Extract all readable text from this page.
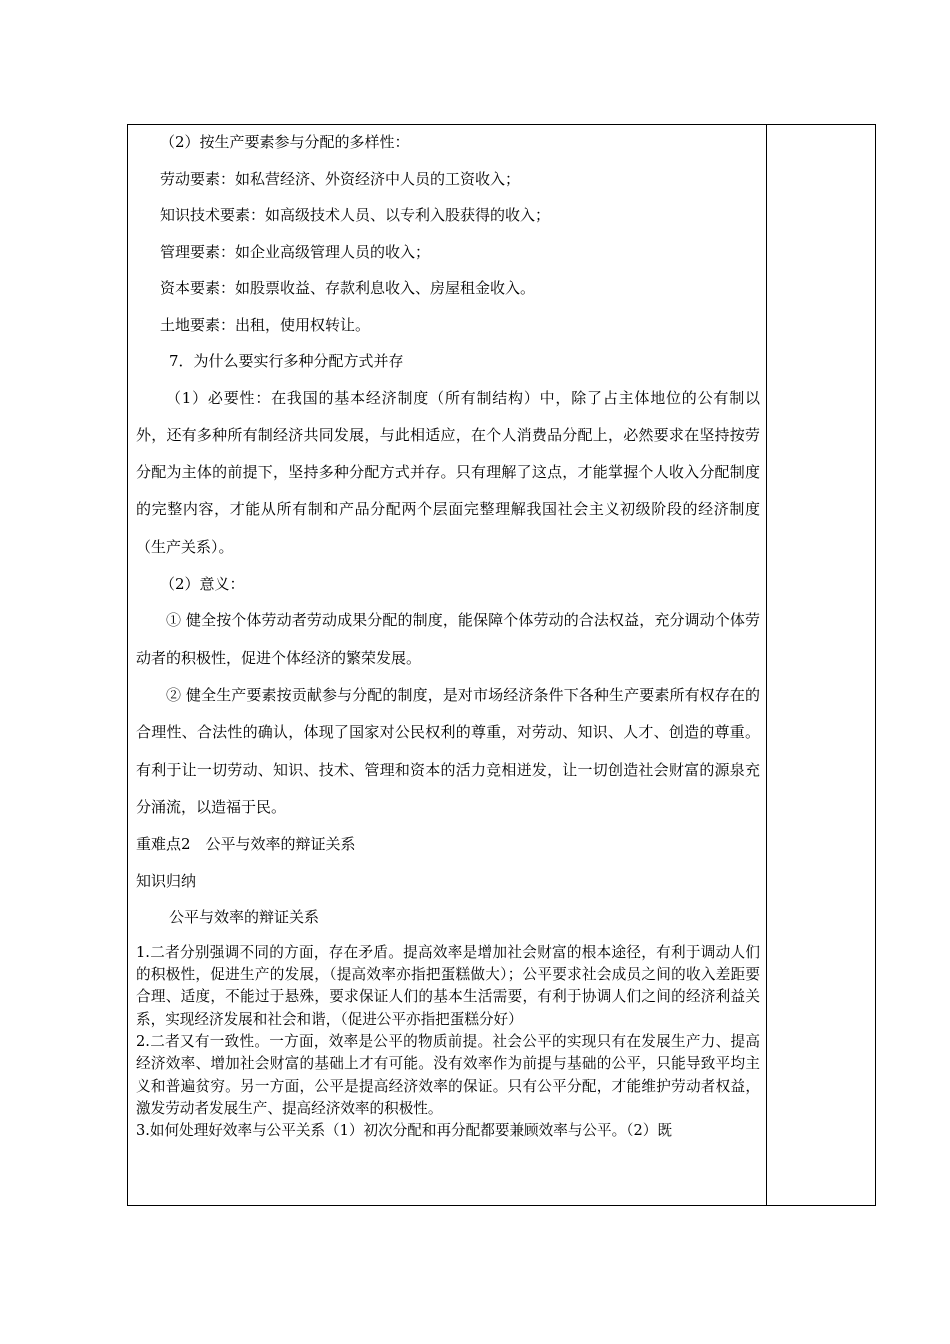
（2）按生产要素参与分配的多样性：

劳动要素：如私营经济、外资经济中人员的工资收入；

知识技术要素：如高级技术人员、以专利入股获得的收入；

管理要素：如企业高级管理人员的收入；

资本要素：如股票收益、存款利息收入、房屋租金收入。

土地要素：出租，使用权转让。

7．为什么要实行多种分配方式并存

（1）必要性：在我国的基本经济制度（所有制结构）中，除了占主体地位的公有制以外，还有多种所有制经济共同发展，与此相适应，在个人消费品分配上，必然要求在坚持按劳分配为主体的前提下，坚持多种分配方式并存。只有理解了这点，才能掌握个人收入分配制度的完整内容，才能从所有制和产品分配两个层面完整理解我国社会主义初级阶段的经济制度（生产关系）。

（2）意义：

① 健全按个体劳动者劳动成果分配的制度，能保障个体劳动的合法权益，充分调动个体劳动者的积极性，促进个体经济的繁荣发展。

② 健全生产要素按贡献参与分配的制度，是对市场经济条件下各种生产要素所有权存在的合理性、合法性的确认，体现了国家对公民权利的尊重，对劳动、知识、人才、创造的尊重。有利于让一切劳动、知识、技术、管理和资本的活力竞相迸发，让一切创造社会财富的源泉充分涌流，以造福于民。

重难点2　公平与效率的辩证关系

知识归纳

公平与效率的辩证关系

1.二者分别强调不同的方面，存在矛盾。提高效率是增加社会财富的根本途径，有利于调动人们的积极性，促进生产的发展，（提高效率亦指把蛋糕做大）；公平要求社会成员之间的收入差距要合理、适度，不能过于悬殊，要求保证人们的基本生活需要，有利于协调人们之间的经济利益关系，实现经济发展和社会和谐，（促进公平亦指把蛋糕分好）

2.二者又有一致性。一方面，效率是公平的物质前提。社会公平的实现只有在发展生产力、提高经济效率、增加社会财富的基础上才有可能。没有效率作为前提与基础的公平，只能导致平均主义和普遍贫穷。另一方面，公平是提高经济效率的保证。只有公平分配，才能维护劳动者权益，激发劳动者发展生产、提高经济效率的积极性。

3.如何处理好效率与公平关系（1）初次分配和再分配都要兼顾效率与公平。（2）既
